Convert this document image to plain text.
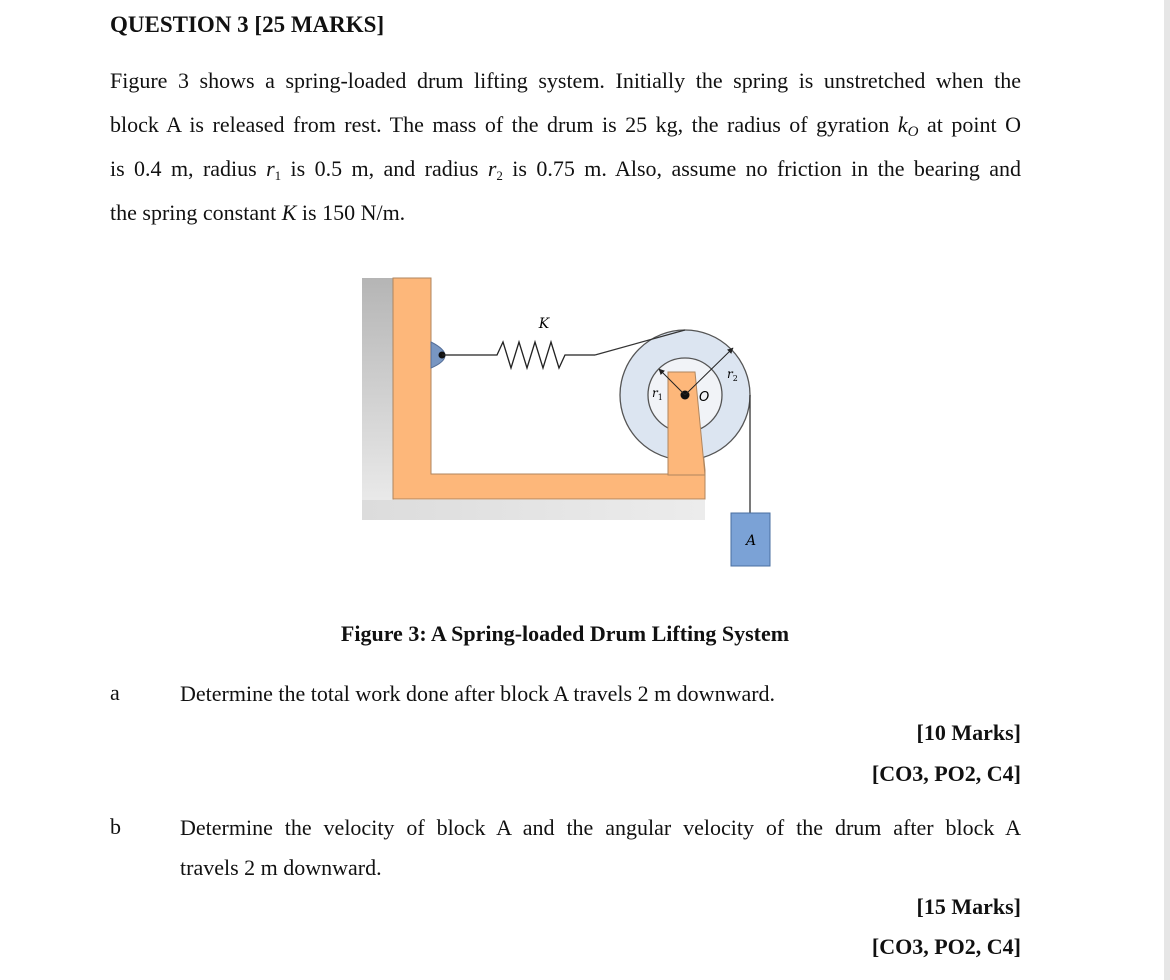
QUESTION 3 [25 MARKS]
Figure 3 shows a spring-loaded drum lifting system. Initially the spring is unstretched when the
block A is released from rest. The mass of the drum is 25 kg, the radius of gyration kO at point O
is 0.4 m, radius $r_1$ is 0.5 m, and radius $r_2$ is 0.75 m. Also, assume no friction in the bearing and
the spring constant K is 150 N/m.
K
$r_1$
$r_2$
O
A
Figure 3: A Spring-loaded Drum Lifting System
a	Determine the total work done after block A travels 2 m downward.
[10 Marks]
[CO3, PO2, C4]
b	Determine the velocity of block A and the angular velocity of the drum after block A
travels 2 m downward.
[15 Marks]
[CO3, PO2, C4]
